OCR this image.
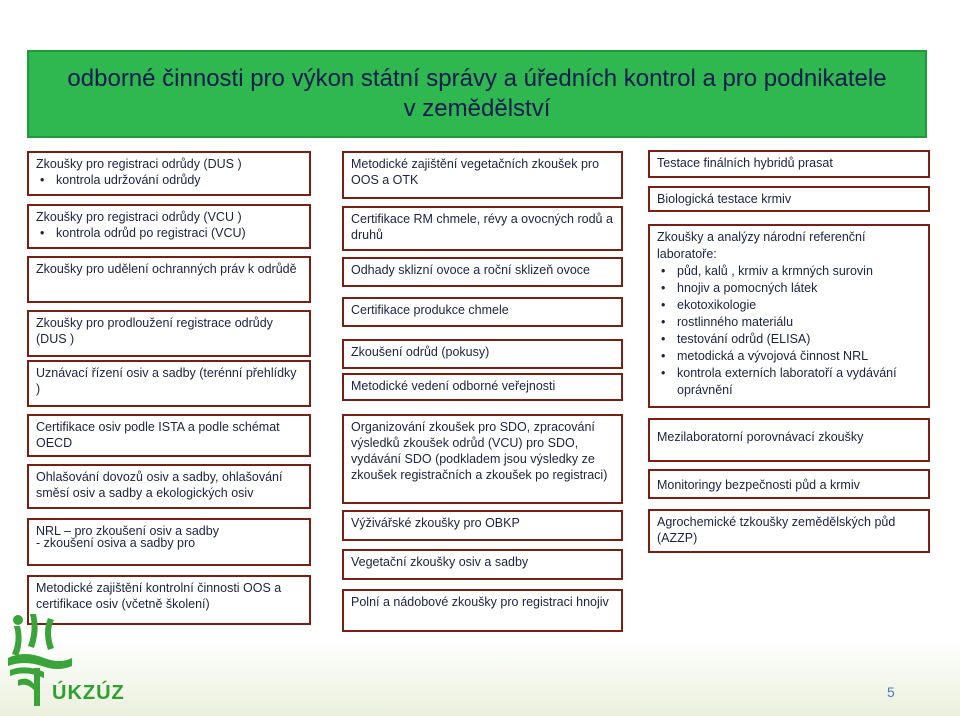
odborné činnosti pro výkon státní správy a úředních kontrol a pro podnikatele
v zemědělství
Zkoušky pro registraci odrůdy (DUS )
• kontrola udržování odrůdy
Zkoušky pro registraci odrůdy (VCU )
• kontrola odrůd po registraci (VCU)
Zkoušky pro udělení ochranných práv k odrůdě
Zkoušky pro prodloužení registrace odrůdy (DUS )
Uznávací řízení osiv a sadby (terénní přehlídky )
Certifikace osiv podle ISTA a podle schémat OECD
Ohlašování dovozů osiv a sadby, ohlašování směsí osiv a sadby a ekologických osiv
NRL – pro zkoušení osiv a sadby
- zkoušení osiva a sadby pro
Metodické zajištění kontrolní činnosti OOS a certifikace osiv (včetně školení)
Metodické zajištění vegetačních zkoušek pro OOS a OTK
Certifikace RM chmele, révy a ovocných rodů a druhů
Odhady sklizní ovoce a roční sklizeň ovoce
Certifikace produkce chmele
Zkoušení odrůd (pokusy)
Metodické vedení odborné veřejnosti
Organizování zkoušek pro SDO, zpracování výsledků zkoušek odrůd (VCU) pro SDO, vydávání SDO (podkladem jsou výsledky ze zkoušek registračních a zkoušek po registraci)
Výživářské zkoušky pro OBKP
Vegetační zkoušky osiv a sadby
Polní a nádobové zkoušky pro registraci hnojiv
Testace finálních hybridů prasat
Biologická testace krmiv
Zkoušky a analýzy národní referenční laboratoře:
• půd, kalů , krmiv a krmných surovin
• hnojiv a pomocných látek
• ekotoxikologie
• rostlinného materiálu
• testování odrůd (ELISA)
• metodická a vývojová činnost NRL
• kontrola externích laboratoří a vydávání oprávnění
Mezilaboratorní porovnávací zkoušky
Monitoringy bezpečnosti půd a krmiv
Agrochemické tzkoušky zemědělských půd (AZZP)
ÚKZÚZ	5
